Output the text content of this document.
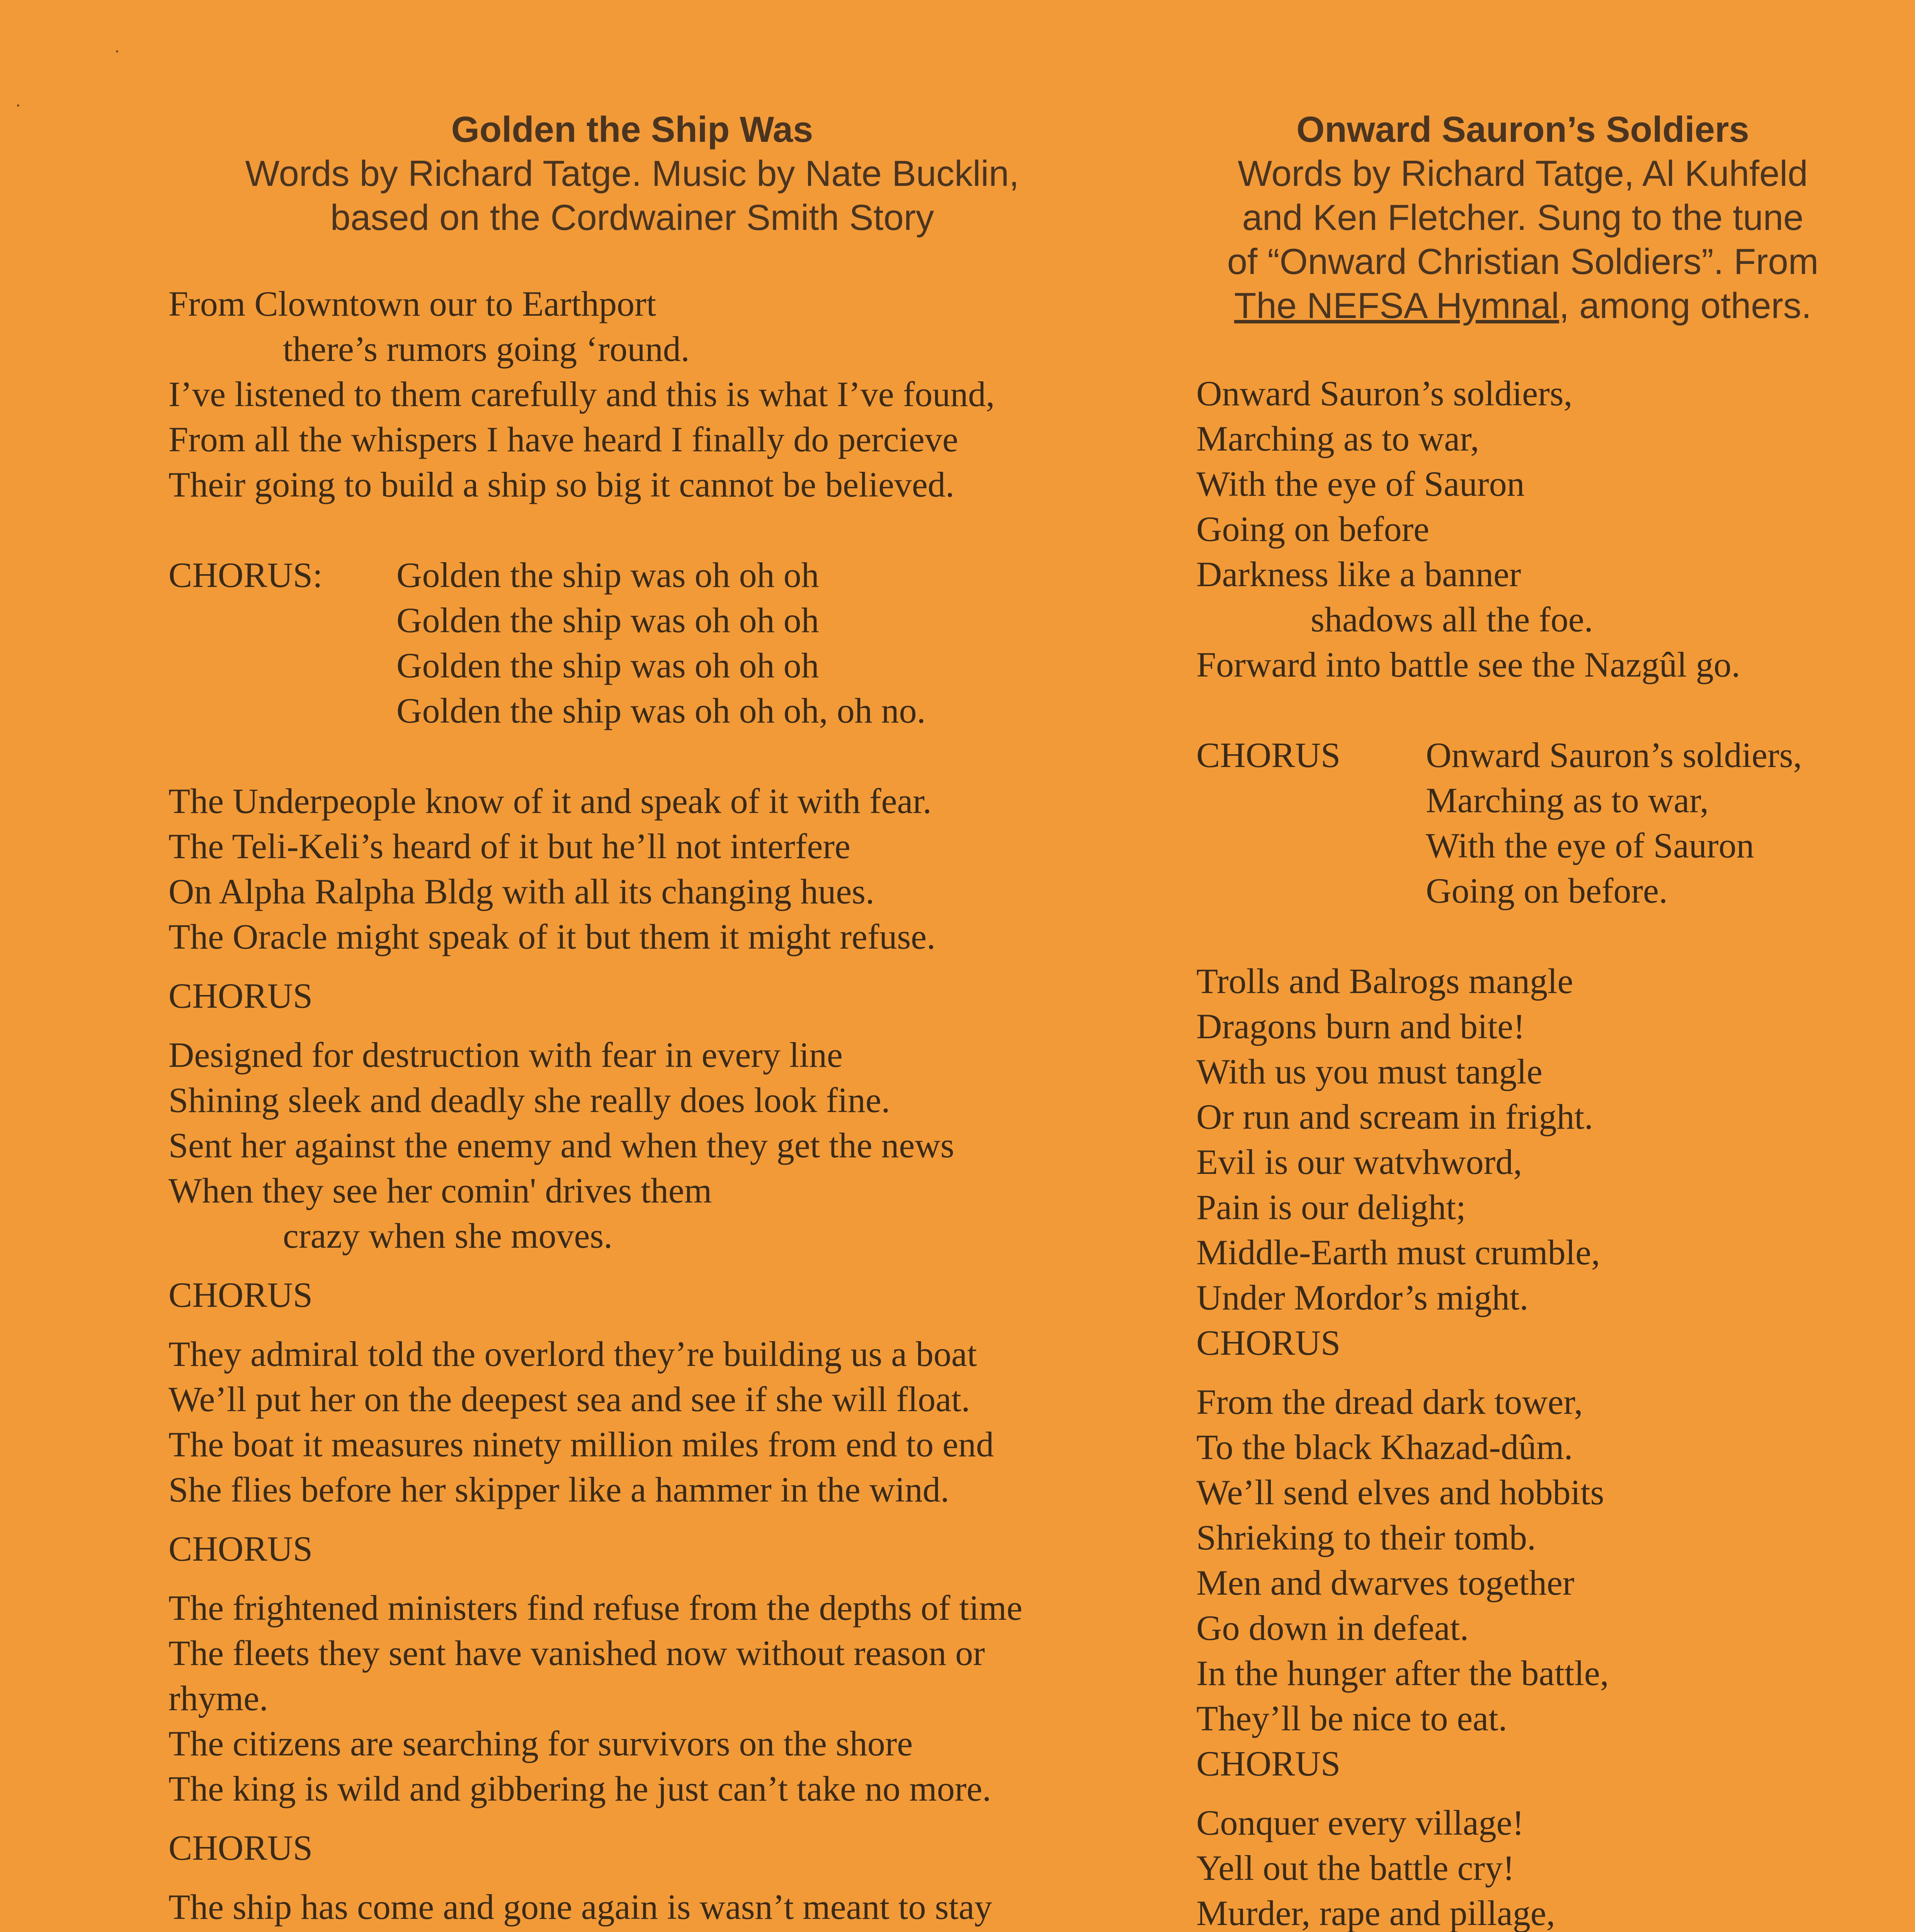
Golden the Ship Was
Words by Richard Tatge. Music by Nate Bucklin,
based on the Cordwainer Smith Story
From Clowntown our to Earthport
there’s rumors going ‘round.
I’ve listened to them carefully and this is what I’ve found,
From all the whispers I have heard I finally do percieve
Their going to build a ship so big it cannot be believed.
CHORUS:	Golden the ship was oh oh oh
Golden the ship was oh oh oh
Golden the ship was oh oh oh
Golden the ship was oh oh oh, oh no.
The Underpeople know of it and speak of it with fear.
The Teli-Keli’s heard of it but he’ll not interfere
On Alpha Ralpha Bldg with all its changing hues.
The Oracle might speak of it but them it might refuse.
CHORUS
Designed for destruction with fear in every line
Shining sleek and deadly she really does look fine.
Sent her against the enemy and when they get the news
When they see her comin' drives them
crazy when she moves.
CHORUS
They admiral told the overlord they’re building us a boat
We’ll put her on the deepest sea and see if she will float.
The boat it measures ninety million miles from end to end
She flies before her skipper like a hammer in the wind.
CHORUS
The frightened ministers find refuse from the depths of time
The fleets they sent have vanished now without reason or
rhyme.
The citizens are searching for survivors on the shore
The king is wild and gibbering he just can’t take no more.
CHORUS
The ship has come and gone again is wasn’t meant to stay
Onward Sauron’s Soldiers
Words by Richard Tatge, Al Kuhfeld
and Ken Fletcher. Sung to the tune
of “Onward Christian Soldiers”. From
The NEFSA Hymnal, among others.
Onward Sauron’s soldiers,
Marching as to war,
With the eye of Sauron
Going on before
Darkness like a banner
shadows all the foe.
Forward into battle see the Nazgûl go.
CHORUS	Onward Sauron’s soldiers,
Marching as to war,
With the eye of Sauron
Going on before.
Trolls and Balrogs mangle
Dragons burn and bite!
With us you must tangle
Or run and scream in fright.
Evil is our watvhword,
Pain is our delight;
Middle-Earth must crumble,
Under Mordor’s might.
CHORUS
From the dread dark tower,
To the black Khazad-dûm.
We’ll send elves and hobbits
Shrieking to their tomb.
Men and dwarves together
Go down in defeat.
In the hunger after the battle,
They’ll be nice to eat.
CHORUS
Conquer every village!
Yell out the battle cry!
Murder, rape and pillage,
